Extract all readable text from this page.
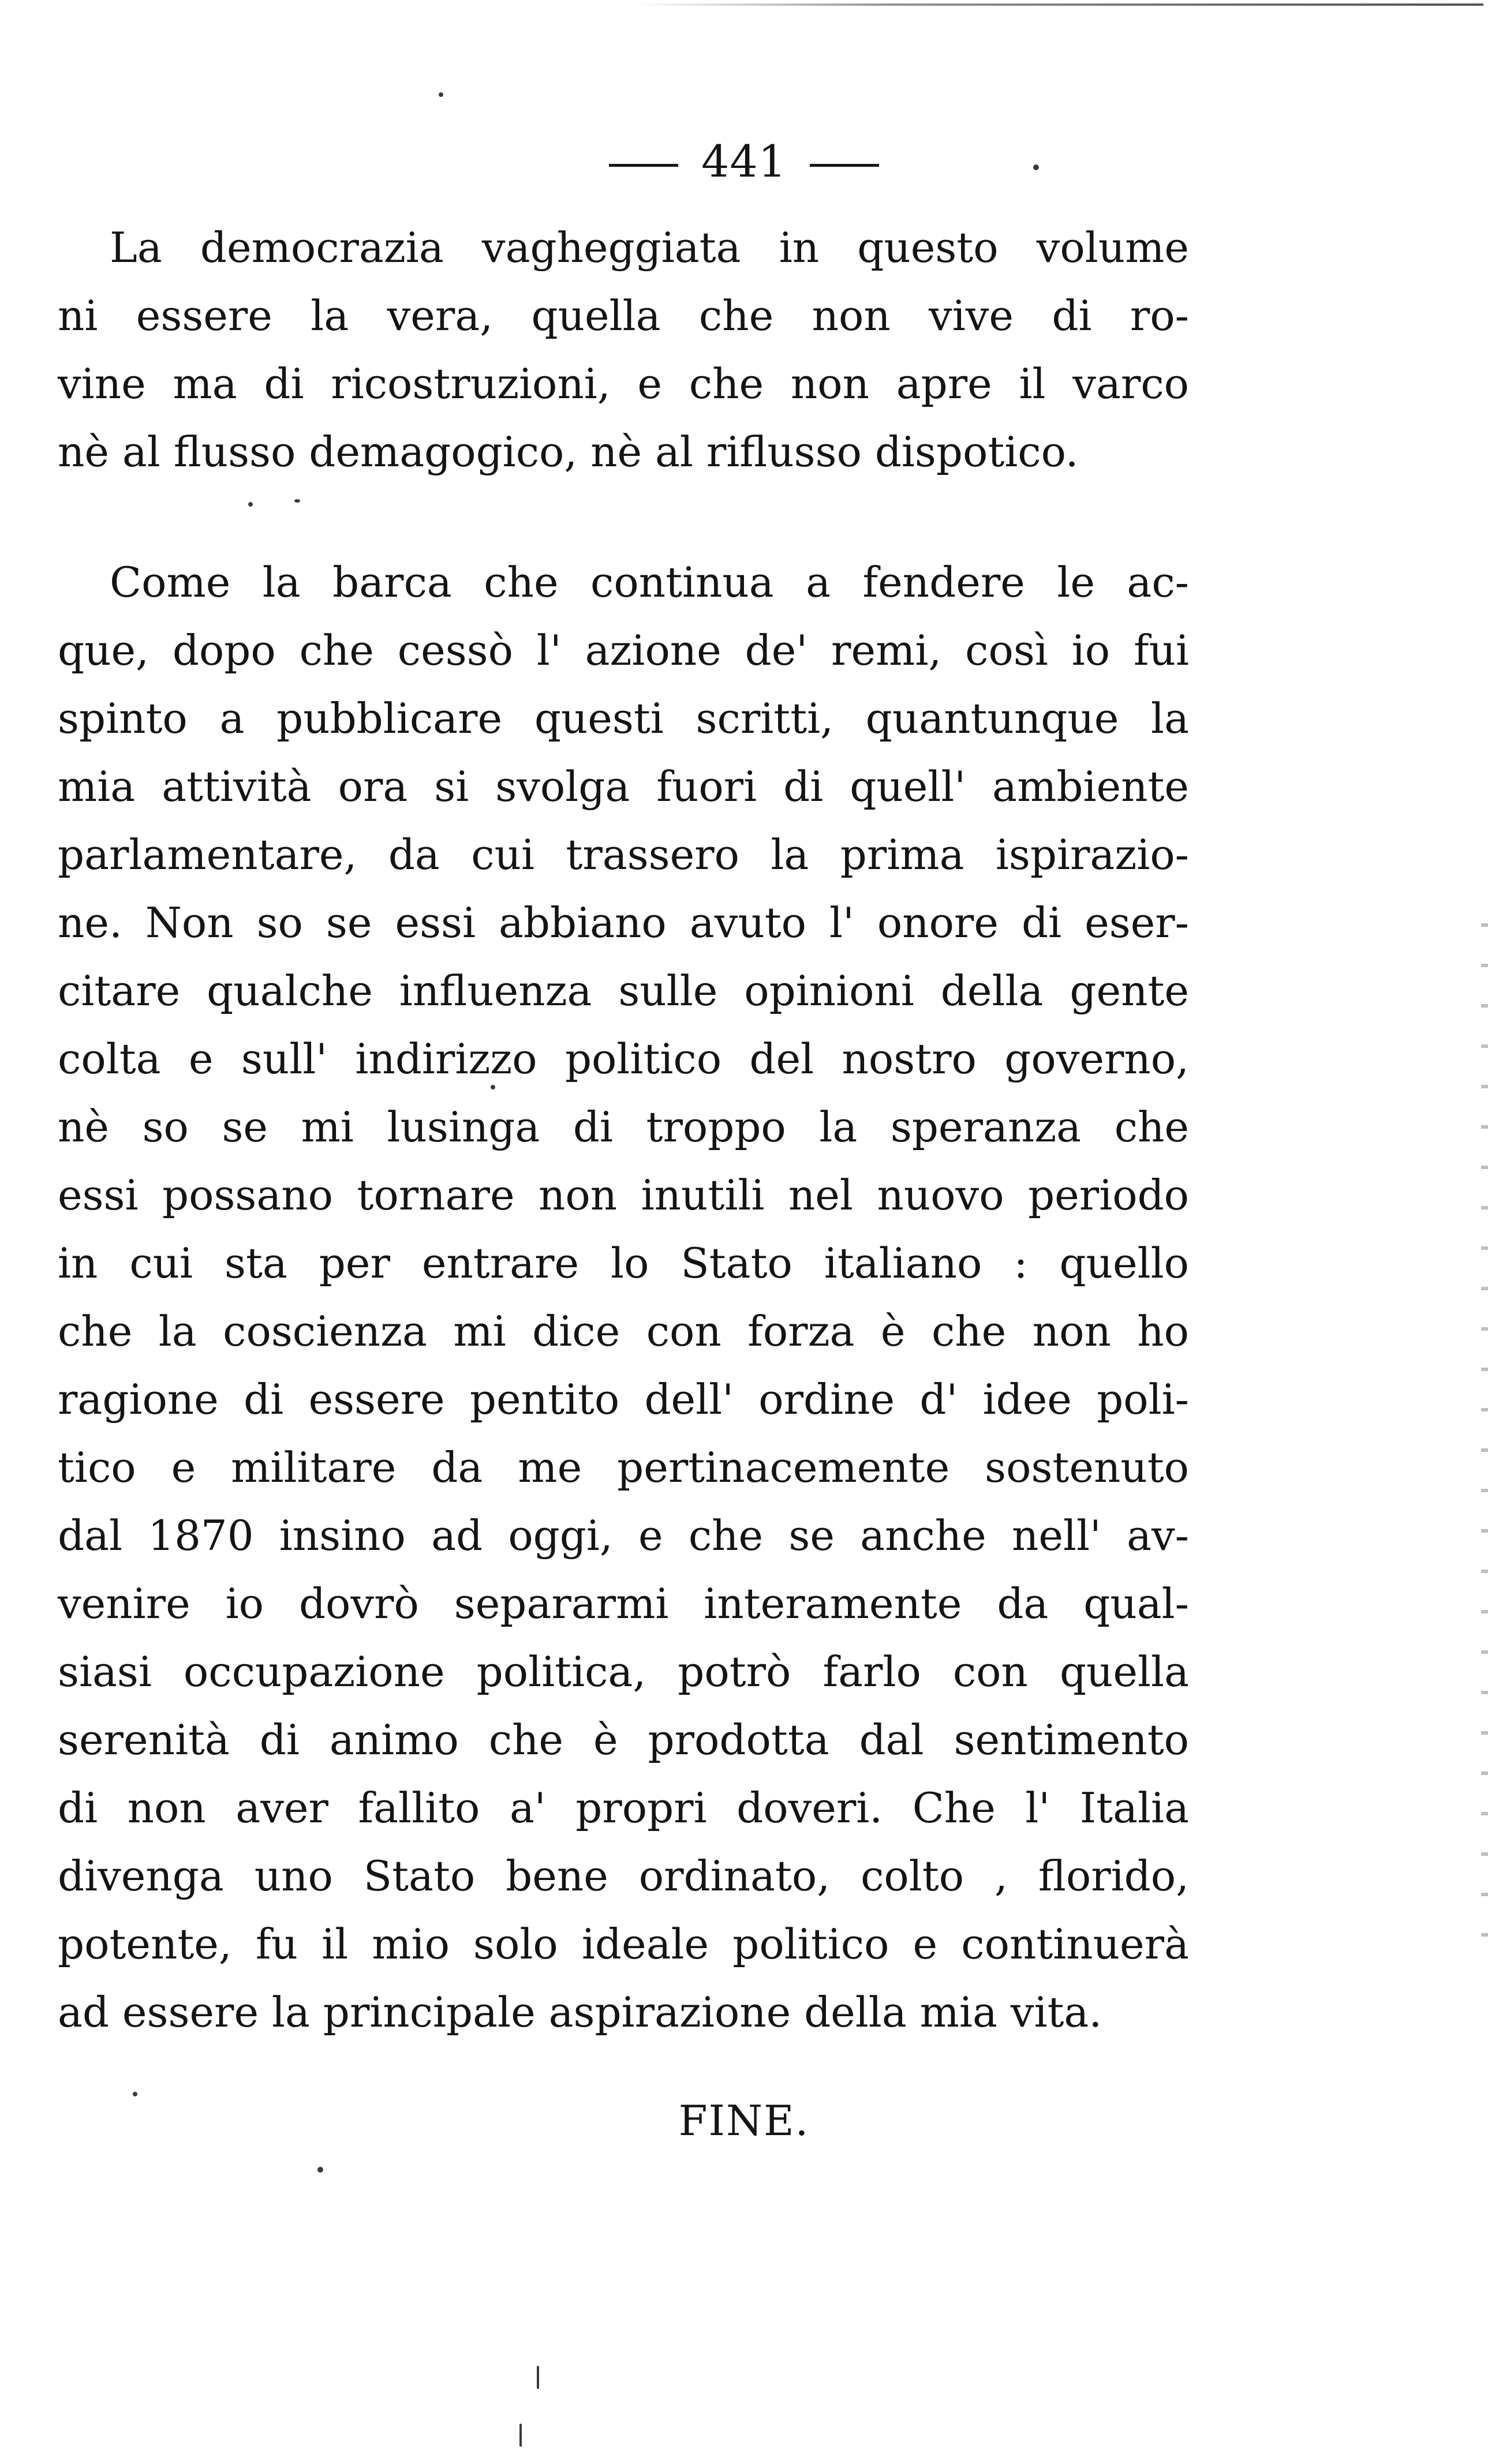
441
La democrazia vagheggiata in questo volume
ni essere la vera, quella che non vive di ro-
vine ma di ricostruzioni, e che non apre il varco
nè al flusso demagogico, nè al riflusso dispotico.
Come la barca che continua a fendere le ac-
que, dopo che cessò l' azione de' remi, così io fui
spinto a pubblicare questi scritti, quantunque la
mia attività ora si svolga fuori di quell' ambiente
parlamentare, da cui trassero la prima ispirazio-
ne. Non so se essi abbiano avuto l' onore di eser-
citare qualche influenza sulle opinioni della gente
colta e sull' indirizzo politico del nostro governo,
nè so se mi lusinga di troppo la speranza che
essi possano tornare non inutili nel nuovo periodo
in cui sta per entrare lo Stato italiano : quello
che la coscienza mi dice con forza è che non ho
ragione di essere pentito dell' ordine d' idee poli-
tico e militare da me pertinacemente sostenuto
dal 1870 insino ad oggi, e che se anche nell' av-
venire io dovrò separarmi interamente da qual-
siasi occupazione politica, potrò farlo con quella
serenità di animo che è prodotta dal sentimento
di non aver fallito a' propri doveri. Che l' Italia
divenga uno Stato bene ordinato, colto , florido,
potente, fu il mio solo ideale politico e continuerà
ad essere la principale aspirazione della mia vita.
FINE.
